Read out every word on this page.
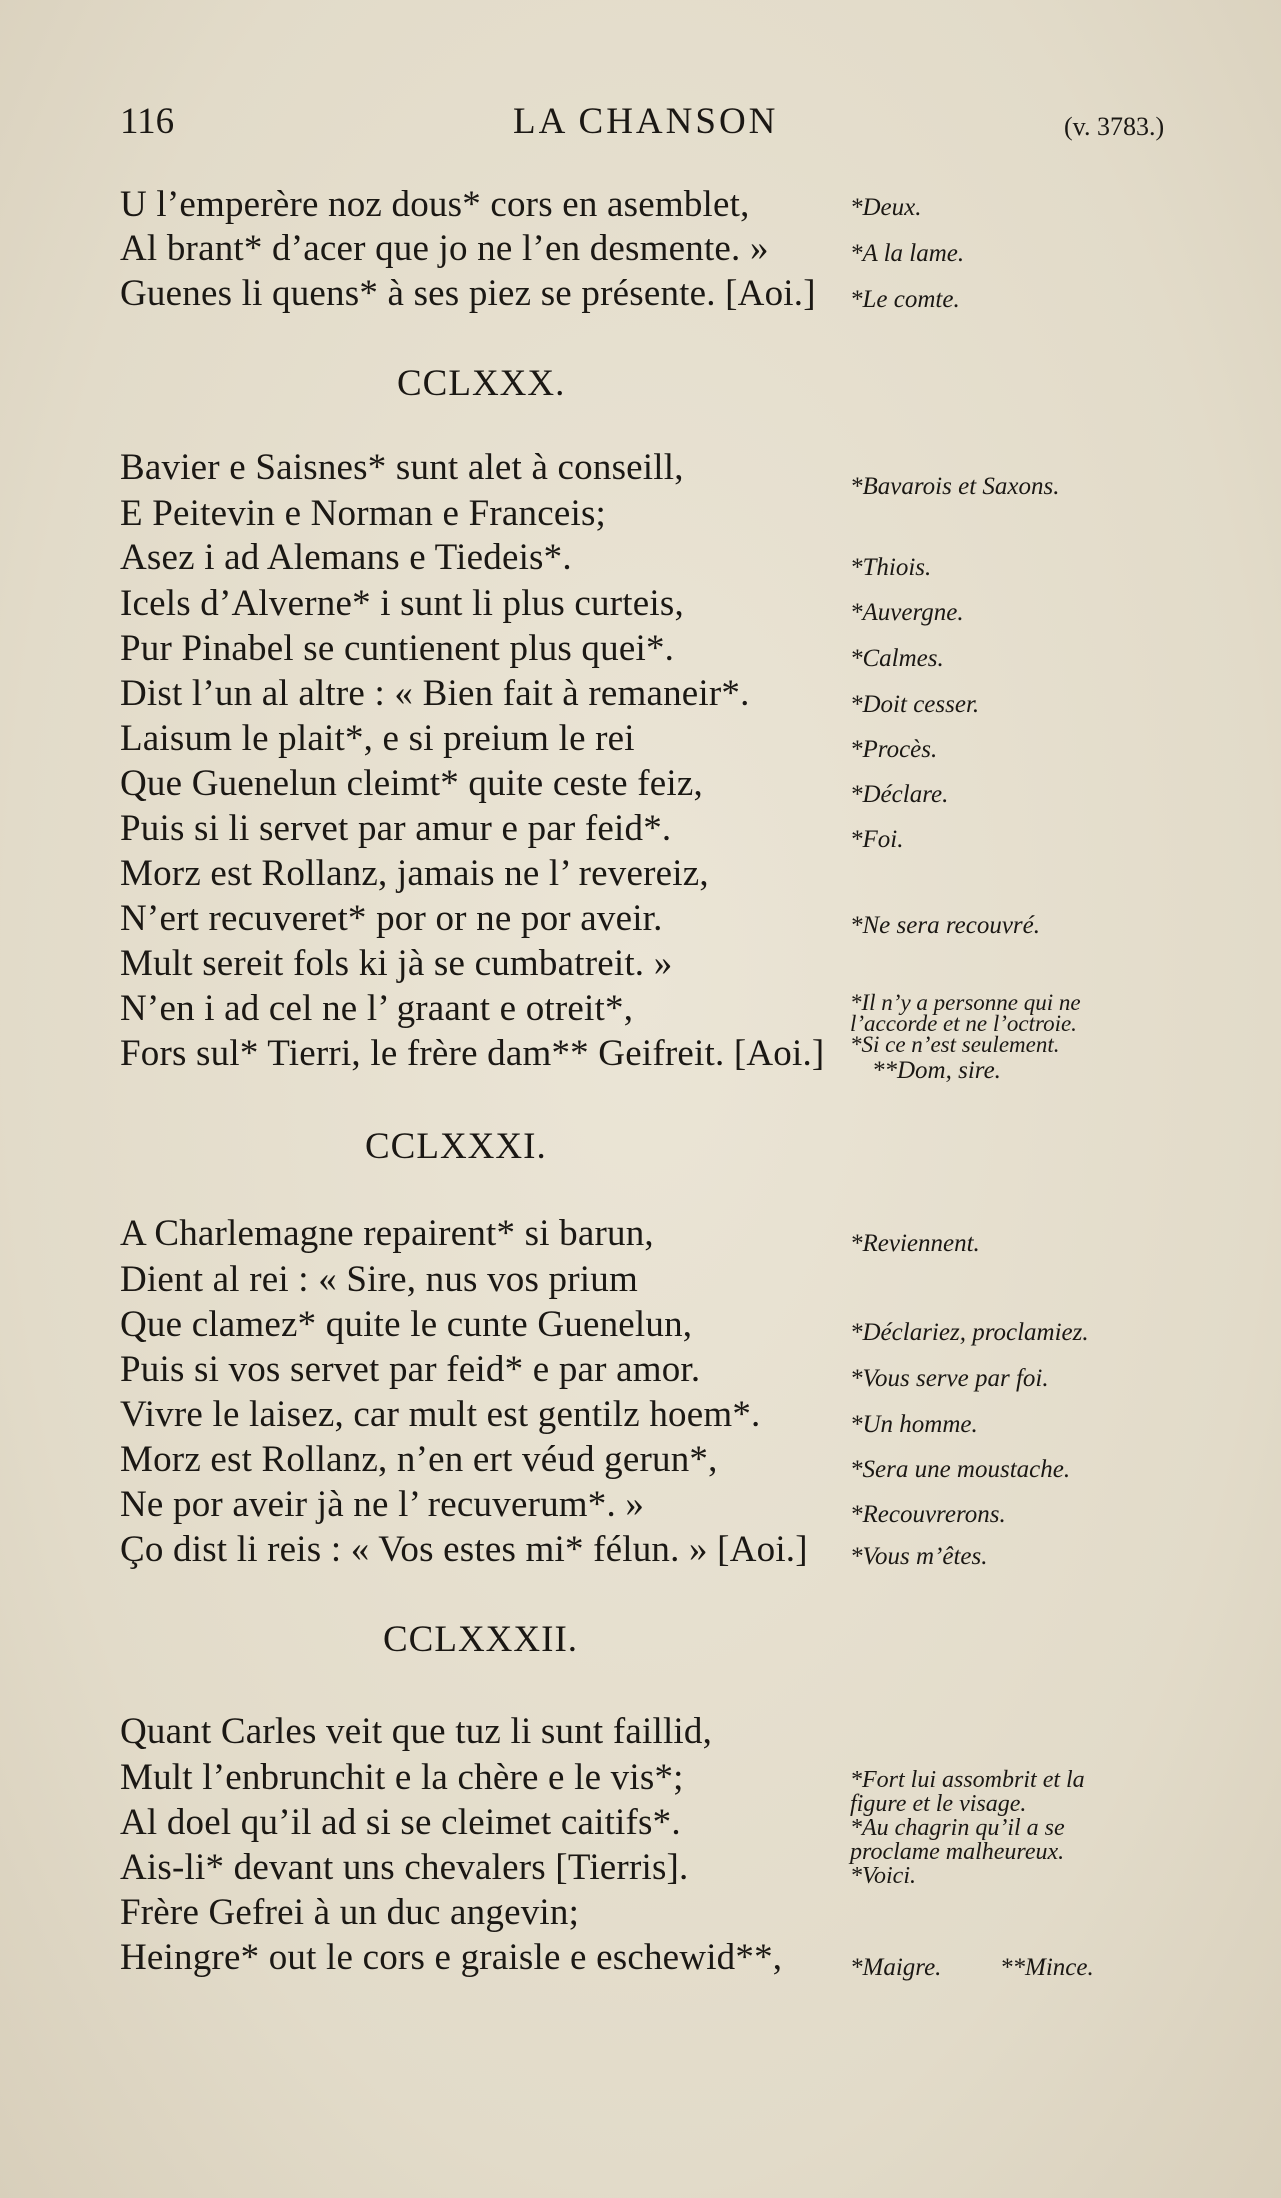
116	LA CHANSON	(v. 3783.)
U l’emperère noz dous* cors en asemblet,
Al brant* d’acer que jo ne l’en desmente. »
Guenes li quens* à ses piez se présente. [Aoi.]
CCLXXX.
Bavier e Saisnes* sunt alet à conseill,
E Peitevin e Norman e Franceis;
Asez i ad Alemans e Tiedeis*.
Icels d’Alverne* i sunt li plus curteis,
Pur Pinabel se cuntienent plus quei*.
Dist l’un al altre : « Bien fait à remaneir*.
Laisum le plait*, e si preium le rei
Que Guenelun cleimt* quite ceste feiz,
Puis si li servet par amur e par feid*.
Morz est Rollanz, jamais ne l’ revereiz,
N’ert recuveret* por or ne por aveir.
Mult sereit fols ki jà se cumbatreit. »
N’en i ad cel ne l’ graant e otreit*,
Fors sul* Tierri, le frère dam** Geifreit. [Aoi.]
CCLXXXI.
A Charlemagne repairent* si barun,
Dient al rei : « Sire, nus vos prium
Que clamez* quite le cunte Guenelun,
Puis si vos servet par feid* e par amor.
Vivre le laisez, car mult est gentilz hoem*.
Morz est Rollanz, n’en ert véud gerun*,
Ne por aveir jà ne l’ recuverum*. »
Ço dist li reis : « Vos estes mi* félun. » [Aoi.]
CCLXXXII.
Quant Carles veit que tuz li sunt faillid,
Mult l’enbrunchit e la chère e le vis*;
Al doel qu’il ad si se cleimet caitifs*.
Ais-li* devant uns chevalers [Tierris].
Frère Gefrei à un duc angevin;
Heingre* out le cors e graisle e eschewid**,
*Deux.
*A la lame.
*Le comte.
*Bavarois et Saxons.
*Thiois.
*Auvergne.
*Calmes.
*Doit cesser.
*Procès.
*Déclare.
*Foi.
*Ne sera recouvré.
*Il n’y a personne qui ne
l’accorde et ne l’octroie.
*Si ce n’est seulement.
**Dom, sire.
*Reviennent.
*Déclariez, proclamiez.
*Vous serve par foi.
*Un homme.
*Sera une moustache.
*Recouvrerons.
*Vous m’êtes.
*Fort lui assombrit et la
figure et le visage.
*Au chagrin qu’il a se
proclame malheureux.
*Voici.
*Maigre. **Mince.
